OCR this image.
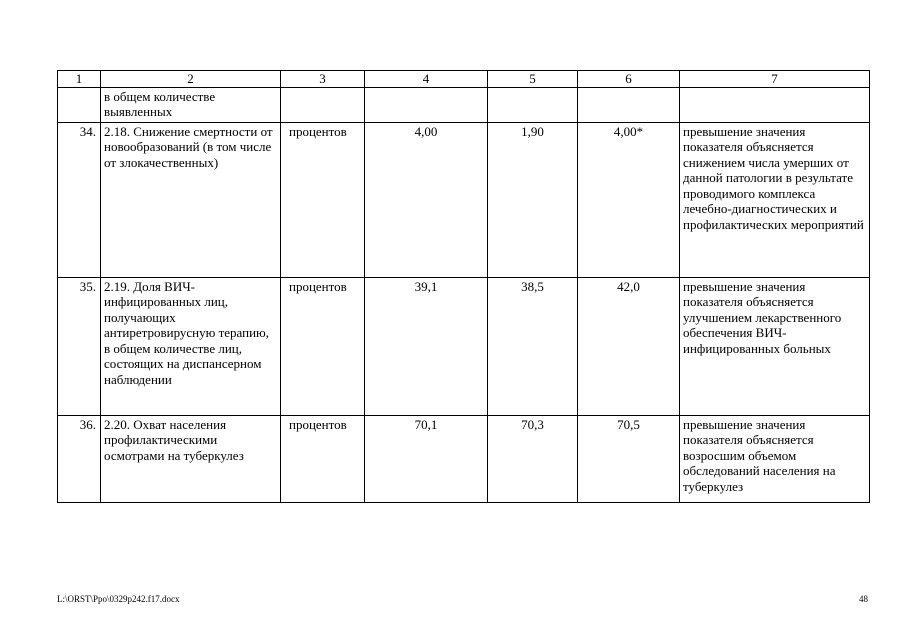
1	2	3	4	5	6	7
	в общем количестве выявленных					
34.	2.18. Снижение смертности от новообразований (в том числе от злокачественных)	процентов	4,00	1,90	4,00*	превышение значения показателя объясняется снижением числа умерших от данной патологии в результате проводимого комплекса лечебно-диагностических и профилактических мероприятий
35.	2.19. Доля ВИЧ-инфицированных лиц, получающих антиретровирусную терапию, в общем количестве лиц, состоящих на диспансерном наблюдении	процентов	39,1	38,5	42,0	превышение значения показателя объясняется улучшением лекарственного обеспечения ВИЧ-инфицированных больных
36.	2.20. Охват населения профилактическими осмотрами на туберкулез	процентов	70,1	70,3	70,5	превышение значения показателя объясняется возросшим объемом обследований населения на туберкулез
L:\ORST\Ppo\0329p242.f17.docx	48
